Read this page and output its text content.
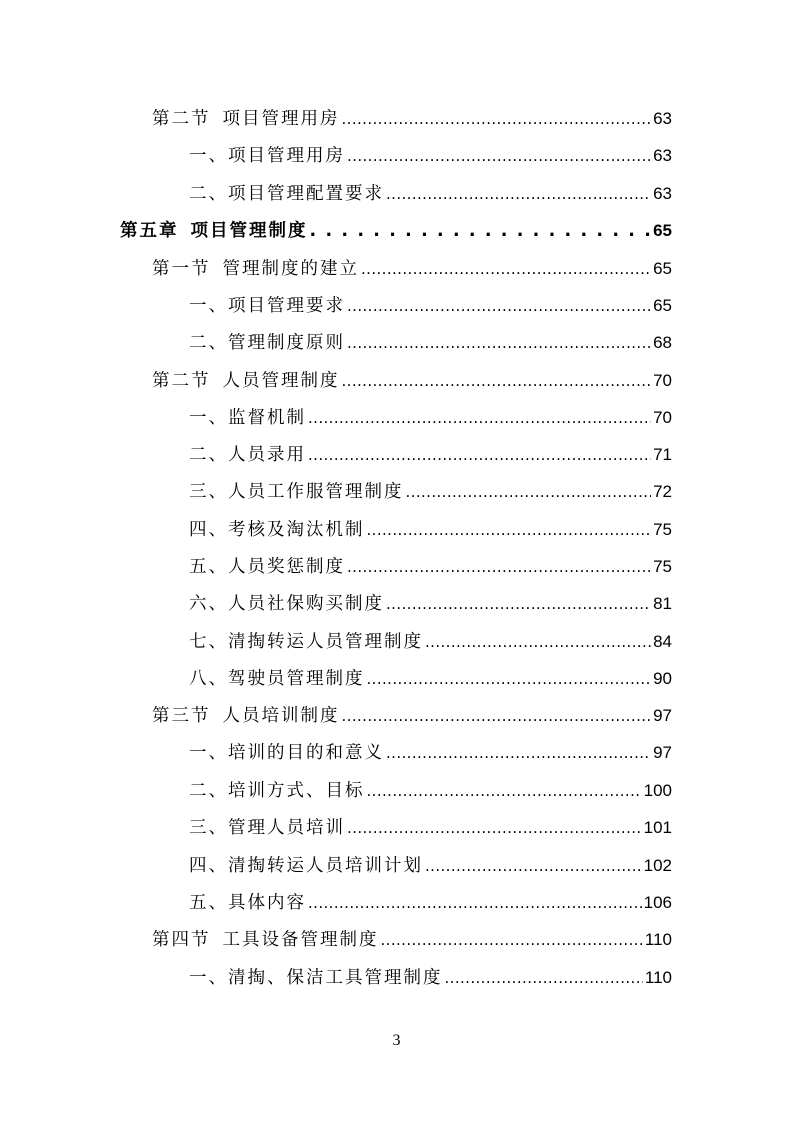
第二节 项目管理用房 .....	63
一、项目管理用房 .....	63
二、项目管理配置要求 .....	63
第五章 项目管理制度 . . .	65
第一节 管理制度的建立 .....	65
一、项目管理要求 .....	65
二、管理制度原则 .....	68
第二节 人员管理制度 .....	70
一、监督机制 .....	70
二、人员录用 .....	71
三、人员工作服管理制度 .....	72
四、考核及淘汰机制 .....	75
五、人员奖惩制度 .....	75
六、人员社保购买制度 .....	81
七、清掏转运人员管理制度 .....	84
八、驾驶员管理制度 .....	90
第三节 人员培训制度 .....	97
一、培训的目的和意义 .....	97
二、培训方式、目标 .....	100
三、管理人员培训 .....	101
四、清掏转运人员培训计划 .....	102
五、具体内容 .....	106
第四节 工具设备管理制度 .....	110
一、清掏、保洁工具管理制度 .....	110
3
